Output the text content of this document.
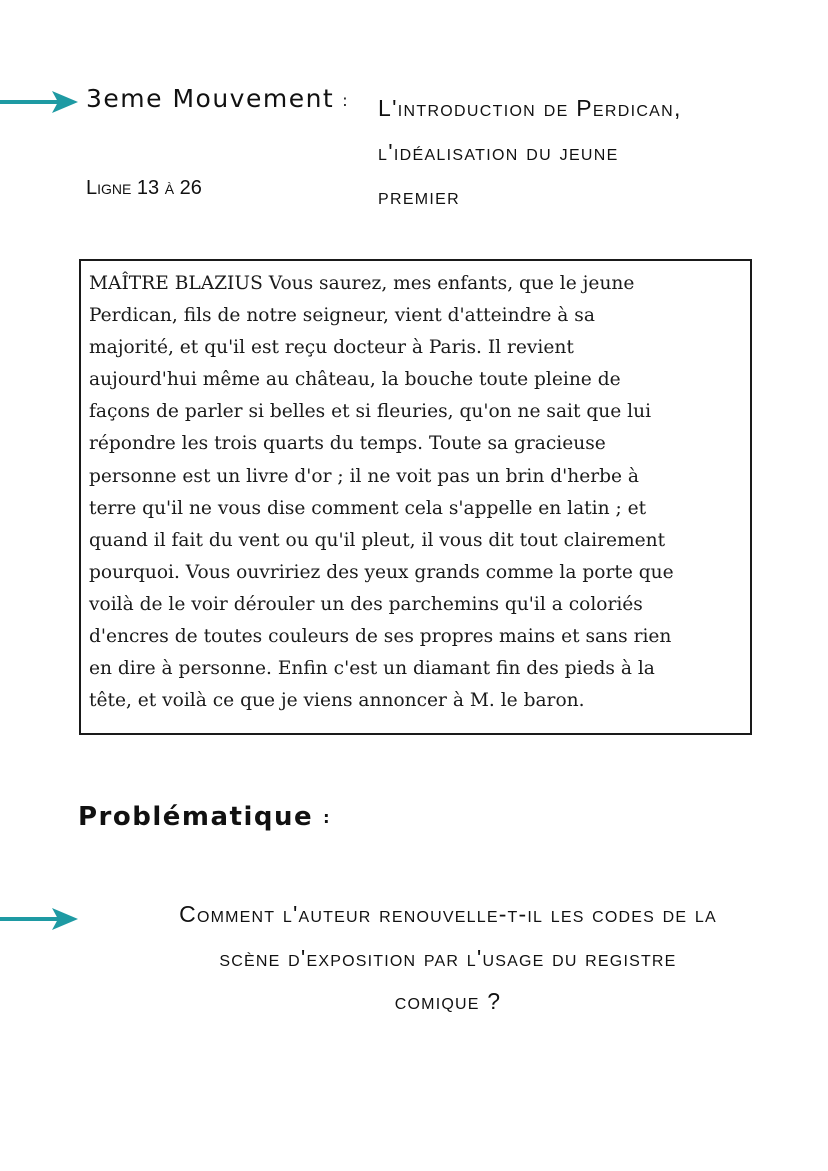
3eme Mouvement : L'introduction de Perdican,
l'idéalisation du jeune
premier

Ligne 13 à 26

MAÎTRE BLAZIUS Vous saurez, mes enfants, que le jeune
Perdican, fils de notre seigneur, vient d'atteindre à sa
majorité, et qu'il est reçu docteur à Paris. Il revient
aujourd'hui même au château, la bouche toute pleine de
façons de parler si belles et si fleuries, qu'on ne sait que lui
répondre les trois quarts du temps. Toute sa gracieuse
personne est un livre d'or ; il ne voit pas un brin d'herbe à
terre qu'il ne vous dise comment cela s'appelle en latin ; et
quand il fait du vent ou qu'il pleut, il vous dit tout clairement
pourquoi. Vous ouvririez des yeux grands comme la porte que
voilà de le voir dérouler un des parchemins qu'il a coloriés
d'encres de toutes couleurs de ses propres mains et sans rien
en dire à personne. Enfin c'est un diamant fin des pieds à la
tête, et voilà ce que je viens annoncer à M. le baron.
Problématique :
Comment l'auteur renouvelle-t-il les codes de la
scène d'exposition par l'usage du registre
comique ?
